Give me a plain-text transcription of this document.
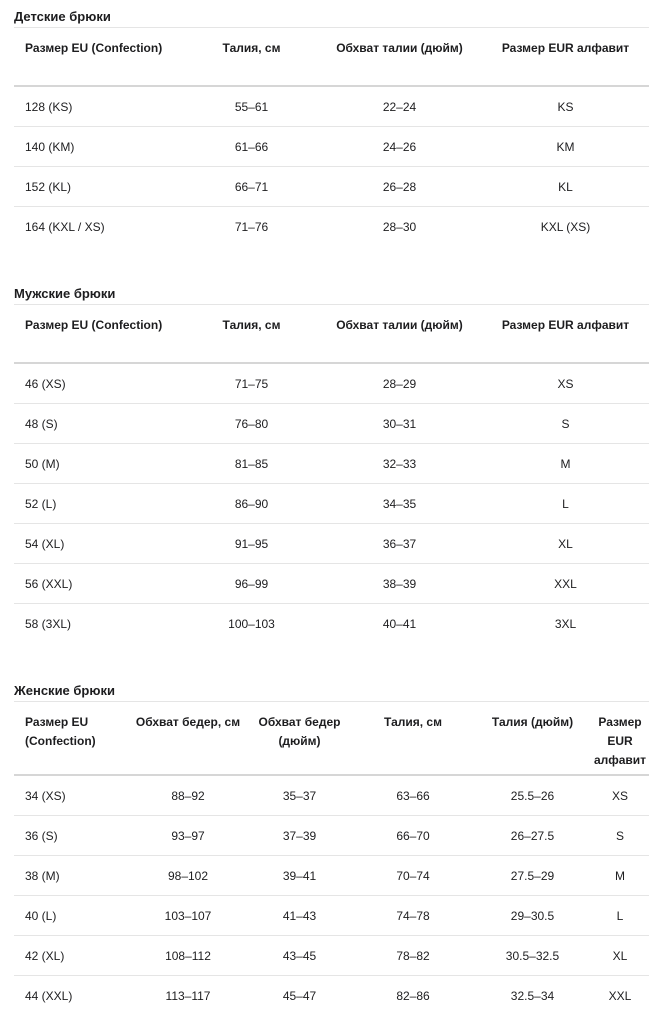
Детские брюки
Размер EU (Confection)	Талия, см	Обхват талии (дюйм)	Размер EUR алфавит
128 (KS)	55–61	22–24	KS
140 (KM)	61–66	24–26	KM
152 (KL)	66–71	26–28	KL
164 (KXL / XS)	71–76	28–30	KXL (XS)
Мужские брюки
Размер EU (Confection)	Талия, см	Обхват талии (дюйм)	Размер EUR алфавит
46 (XS)	71–75	28–29	XS
48 (S)	76–80	30–31	S
50 (M)	81–85	32–33	M
52 (L)	86–90	34–35	L
54 (XL)	91–95	36–37	XL
56 (XXL)	96–99	38–39	XXL
58 (3XL)	100–103	40–41	3XL
Женские брюки
Размер EU (Confection)	Обхват бедер, см	Обхват бедер (дюйм)	Талия, см	Талия (дюйм)	Размер EUR алфавит
34 (XS)	88–92	35–37	63–66	25.5–26	XS
36 (S)	93–97	37–39	66–70	26–27.5	S
38 (M)	98–102	39–41	70–74	27.5–29	M
40 (L)	103–107	41–43	74–78	29–30.5	L
42 (XL)	108–112	43–45	78–82	30.5–32.5	XL
44 (XXL)	113–117	45–47	82–86	32.5–34	XXL
